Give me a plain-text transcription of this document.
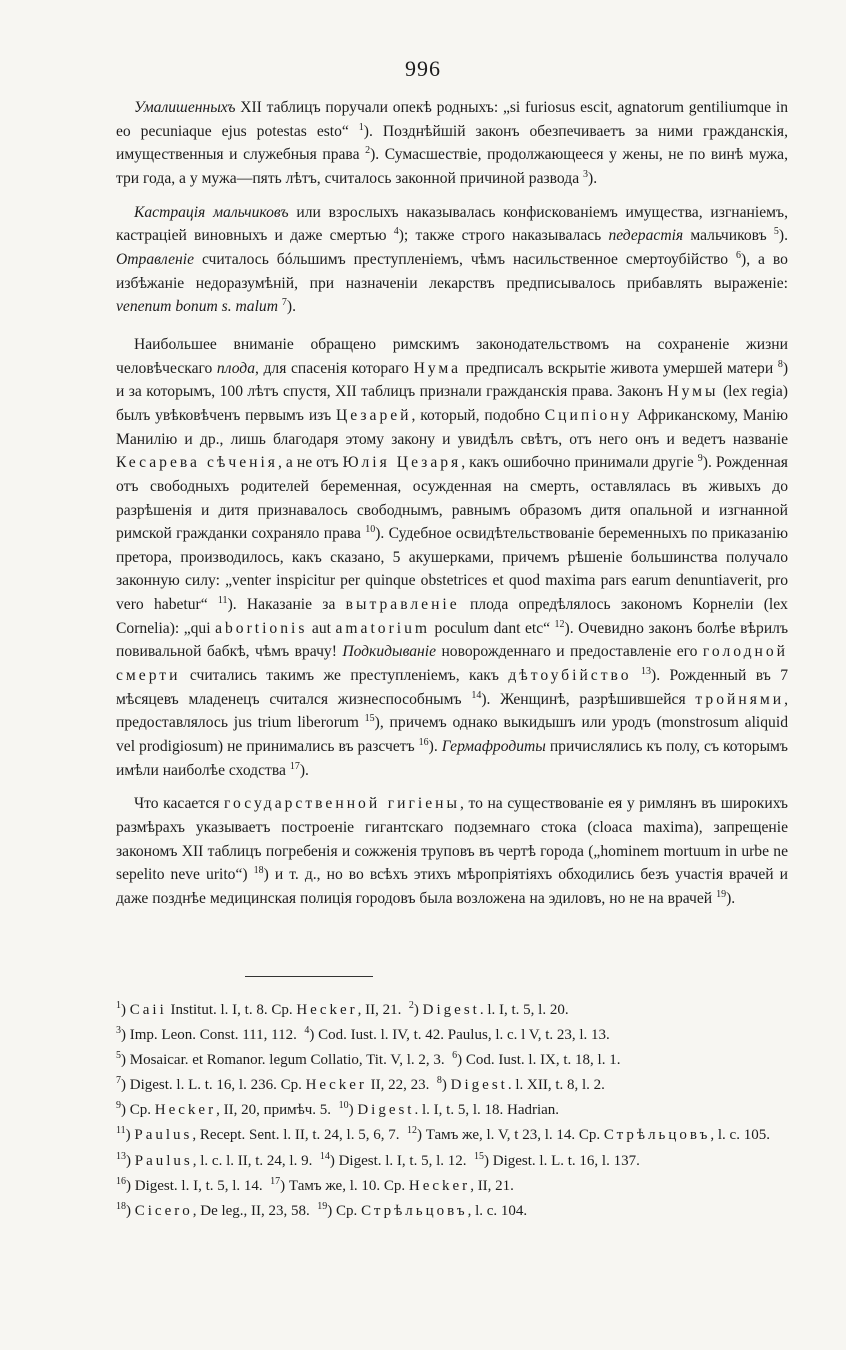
996

Умалишенныхъ XII таблицъ поручали опекѣ родныхъ: „si furiosus escit, agnatorum gentiliumque in eo pecuniaque ejus potestas esto“ $^1$). Позднѣйшій законъ обезпечиваетъ за ними гражданскія, имущественныя и служебныя права $^2$). Сумасшествіе, продолжающееся у жены, не по винѣ мужа, три года, а у мужа—пять лѣтъ, считалось законной причиной развода $^3$).

Кастрація мальчиковъ или взрослыхъ наказывалась конфискованіемъ имущества, изгнаніемъ, кастраціей виновныхъ и даже смертью $^4$); также строго наказывалась педерастія мальчиковъ $^5$). Отравленіе считалось бóльшимъ преступленіемъ, чѣмъ насильственное смертоубійство $^6$), а во избѣжаніе недоразумѣній, при назначеніи лекарствъ предписывалось прибавлять выраженіе: venenum bonum s. malum $^7$).

Наибольшее вниманіе обращено римскимъ законодательствомъ на сохраненіе жизни человѣческаго плода, для спасенія котораго Нума предписалъ вскрытіе живота умершей матери $^8$) и за которымъ, 100 лѣтъ спустя, XII таблицъ признали гражданскія права. Законъ Нумы (lex regia) былъ увѣковѣченъ первымъ изъ Цезарей, который, подобно Сципіону Африканскому, Манію Манилію и др., лишь благодаря этому закону и увидѣлъ свѣтъ, отъ него онъ и ведетъ названіе Кесарева сѣченія, а не отъ Юлія Цезаря, какъ ошибочно принимали другіе $^9$). Рожденная отъ свободныхъ родителей беременная, осужденная на смерть, оставлялась въ живыхъ до разрѣшенія и дитя признавалось свободнымъ, равнымъ образомъ дитя опальной и изгнанной римской гражданки сохраняло права $^{10}$). Судебное освидѣтельствованіе беременныхъ по приказанію претора, производилось, какъ сказано, 5 акушерками, причемъ рѣшеніе большинства получало законную силу: „venter inspicitur per quinque obstetrices et quod maxima pars earum denuntiaverit, pro vero habetur“ $^{11}$). Наказаніе за вытравленіе плода опредѣлялось закономъ Корнеліи (lex Cornelia): „qui abortionis aut amatorium poculum dant etc“ $^{12}$). Очевидно законъ болѣе вѣрилъ повивальной бабкѣ, чѣмъ врачу! Подкидываніе новорожденнаго и предоставленіе его голодной смерти считались такимъ же преступленіемъ, какъ дѣтоубійство $^{13}$). Рожденный въ 7 мѣсяцевъ младенецъ считался жизнеспособнымъ $^{14}$). Женщинѣ, разрѣшившейся тройнями, предоставлялось jus trium liberorum $^{15}$), причемъ однако выкидышъ или уродъ (monstrosum aliquid vel prodigiosum) не принимались въ разсчетъ $^{16}$). Гермафродиты причислялись къ полу, съ которымъ имѣли наиболѣе сходства $^{17}$).

Что касается государственной гигіены, то на существованіе ея у римлянъ въ широкихъ размѣрахъ указываетъ построеніе гигантскаго подземнаго стока (cloaca maxima), запрещеніе закономъ XII таблицъ погребенія и сожженія труповъ въ чертѣ города („hominem mortuum in urbe ne sepelito neve urito“) $^{18}$) и т. д., но во всѣхъ этихъ мѣропріятіяхъ обходились безъ участія врачей и даже позднѣе медицинская полиція городовъ была возложена на эдиловъ, но не на врачей $^{19}$).

$^1$) Caii Institut. l. I, t. 8. Ср. Hecker, II, 21. $^2$) Digest. l. I, t. 5, l. 20.

$^3$) Imp. Leon. Const. 111, 112. $^4$) Cod. Iust. l. IV, t. 42. Paulus, l. c. l V, t. 23, l. 13.

$^5$) Mosaicar. et Romanor. legum Collatio, Tit. V, l. 2, 3. $^6$) Cod. Iust. l. IX, t. 18, l. 1.

$^7$) Digest. l. L. t. 16, l. 236. Ср. Hecker II, 22, 23. $^8$) Digest. l. XII, t. 8, l. 2.

$^9$) Ср. Hecker, II, 20, примѣч. 5. $^{10}$) Digest. l. I, t. 5, l. 18. Hadrian.

$^{11}$) Paulus, Recept. Sent. l. II, t. 24, l. 5, 6, 7. $^{12}$) Тамъ же, l. V, t 23, l. 14. Ср. Стрѣльцовъ, l. c. 105.

$^{13}$) Paulus, l. c. l. II, t. 24, l. 9. $^{14}$) Digest. l. I, t. 5, l. 12. $^{15}$) Digest. l. L. t. 16, l. 137.

$^{16}$) Digest. l. I, t. 5, l. 14. $^{17}$) Тамъ же, l. 10. Ср. Hecker, II, 21.

$^{18}$) Cicero, De leg., II, 23, 58. $^{19}$) Ср. Стрѣльцовъ, l. c. 104.
